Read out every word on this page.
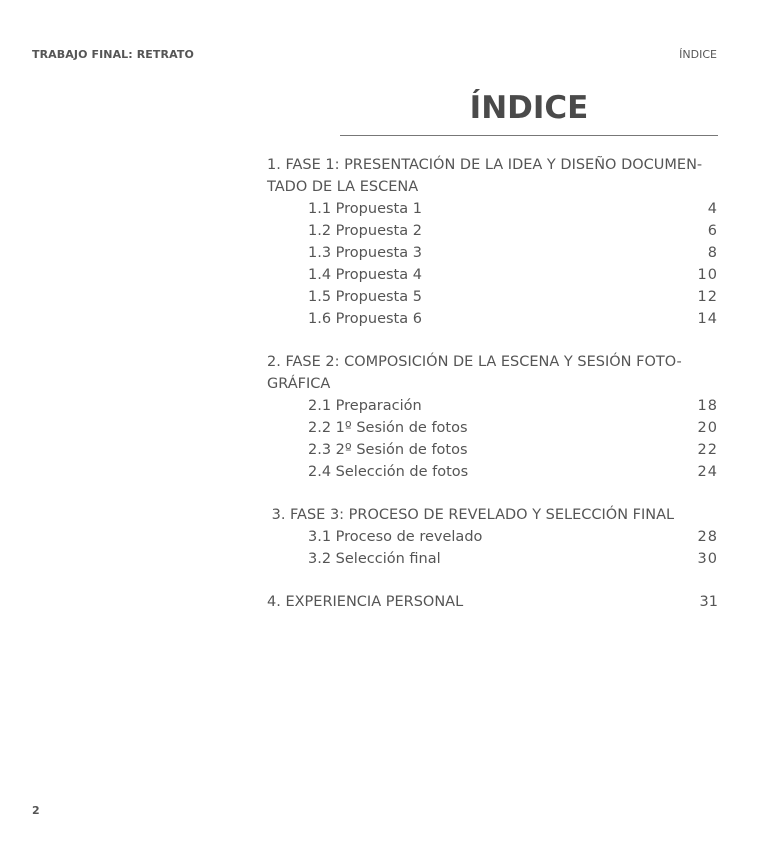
TRABAJO FINAL: RETRATO	ÍNDICE
ÍNDICE
1. FASE 1: PRESENTACIÓN DE LA IDEA Y DISEÑO DOCUMEN-
TADO DE LA ESCENA
1.1 Propuesta 1	4
1.2 Propuesta 2	6
1.3 Propuesta 3	8
1.4 Propuesta 4	10
1.5 Propuesta 5	12
1.6 Propuesta 6	14
2. FASE 2: COMPOSICIÓN DE LA ESCENA Y SESIÓN FOTO-
GRÁFICA
2.1 Preparación	18
2.2 1º Sesión de fotos	20
2.3 2º Sesión de fotos	22
2.4 Selección de fotos	24
3. FASE 3: PROCESO DE REVELADO Y SELECCIÓN FINAL
3.1 Proceso de revelado	28
3.2 Selección final	30
4. EXPERIENCIA PERSONAL	31
2
